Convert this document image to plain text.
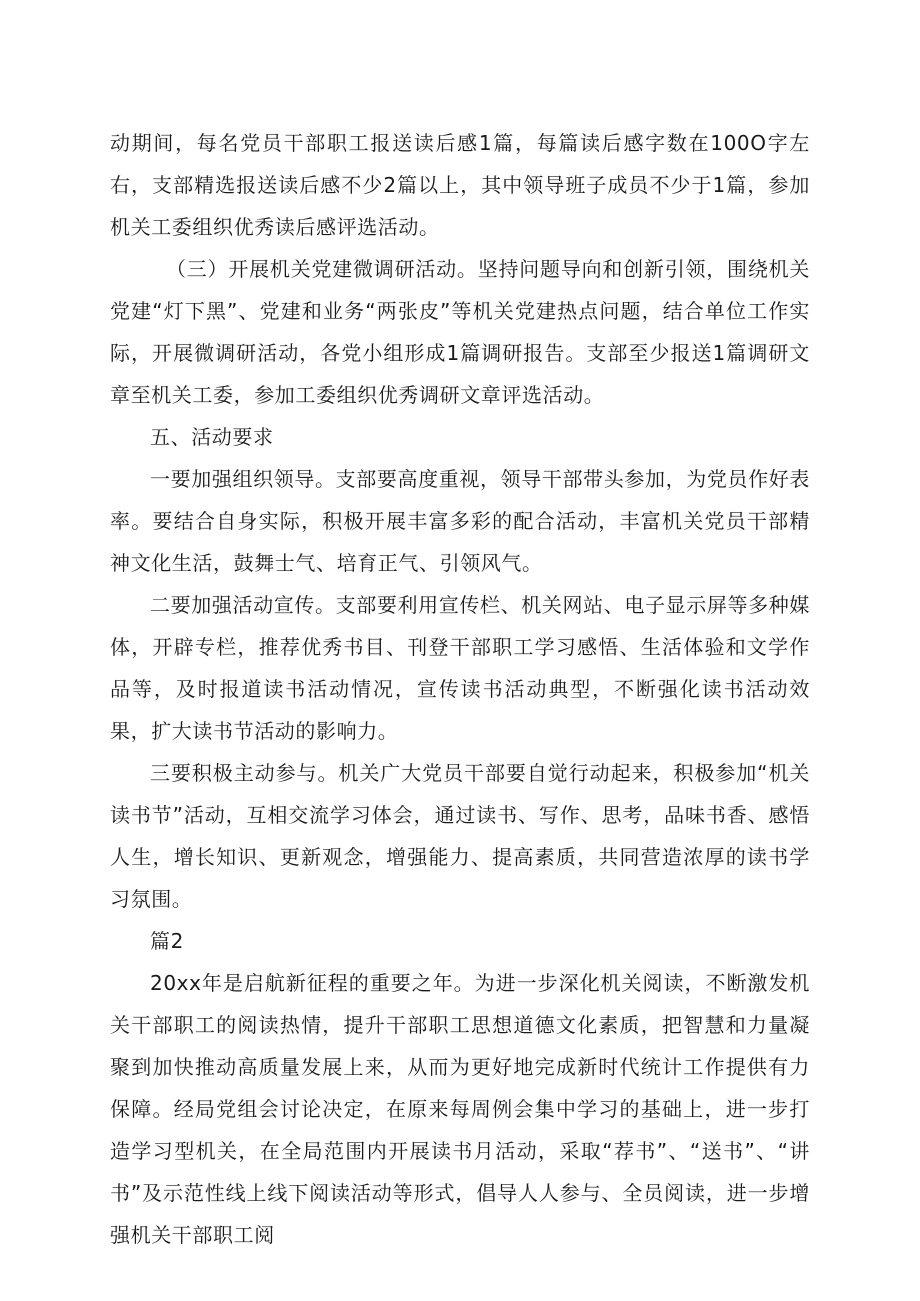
动期间，每名党员干部职工报送读后感1篇，每篇读后感字数在100O字左右，支部精选报送读后感不少2篇以上，其中领导班子成员不少于1篇，参加机关工委组织优秀读后感评选活动。

（三）开展机关党建微调研活动。坚持问题导向和创新引领，围绕机关党建“灯下黑”、党建和业务“两张皮”等机关党建热点问题，结合单位工作实际，开展微调研活动，各党小组形成1篇调研报告。支部至少报送1篇调研文章至机关工委，参加工委组织优秀调研文章评选活动。

五、活动要求

一要加强组织领导。支部要高度重视，领导干部带头参加，为党员作好表率。要结合自身实际，积极开展丰富多彩的配合活动，丰富机关党员干部精神文化生活，鼓舞士气、培育正气、引领风气。

二要加强活动宣传。支部要利用宣传栏、机关网站、电子显示屏等多种媒体，开辟专栏，推荐优秀书目、刊登干部职工学习感悟、生活体验和文学作品等，及时报道读书活动情况，宣传读书活动典型，不断强化读书活动效果，扩大读书节活动的影响力。

三要积极主动参与。机关广大党员干部要自觉行动起来，积极参加“机关读书节”活动，互相交流学习体会，通过读书、写作、思考，品味书香、感悟人生，增长知识、更新观念，增强能力、提高素质，共同营造浓厚的读书学习氛围。

篇2

20xx年是启航新征程的重要之年。为进一步深化机关阅读，不断激发机关干部职工的阅读热情，提升干部职工思想道德文化素质，把智慧和力量凝聚到加快推动高质量发展上来，从而为更好地完成新时代统计工作提供有力保障。经局党组会讨论决定，在原来每周例会集中学习的基础上，进一步打造学习型机关，在全局范围内开展读书月活动，采取“荐书”、“送书”、“讲书”及示范性线上线下阅读活动等形式，倡导人人参与、全员阅读，进一步增强机关干部职工阅
